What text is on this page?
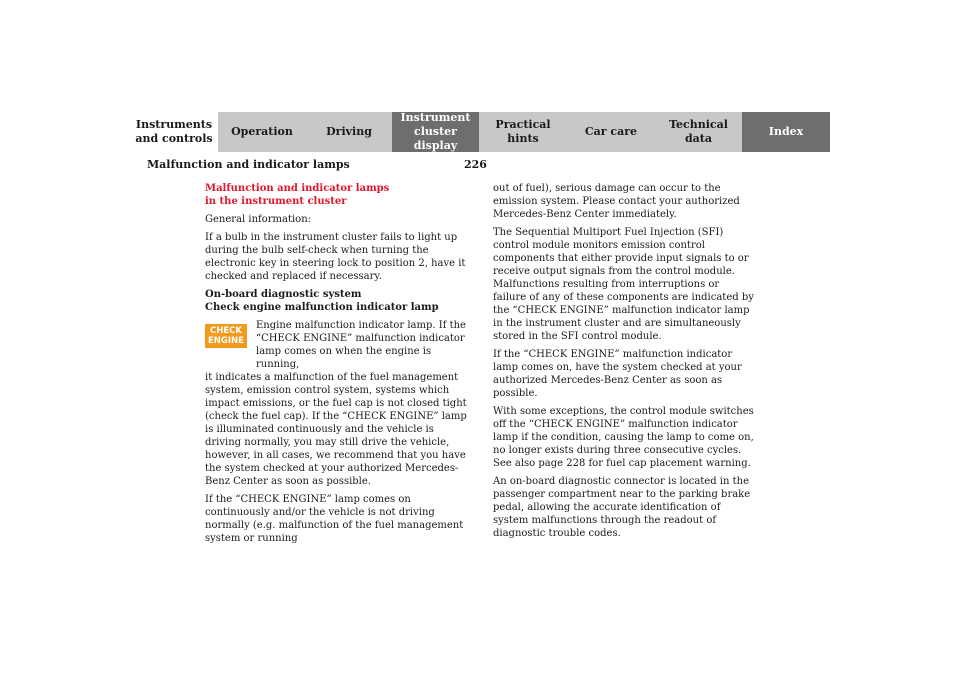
Instruments
and controls
Operation	Driving
Instrument
cluster display
Practical hints
Car care
Technical
data
Index
Malfunction and indicator lamps	226

Malfunction and indicator lamps
in the instrument cluster

General information:

If a bulb in the instrument cluster fails to light up during the bulb self-check when turning the electronic key in steering lock to position 2, have it checked and replaced if necessary.

On-board diagnostic system
Check engine malfunction indicator lamp

CHECK
ENGINE
Engine malfunction indicator lamp. If the “CHECK ENGINE” malfunction indicator lamp comes on when the engine is running,

it indicates a malfunction of the fuel management system, emission control system, systems which impact emissions, or the fuel cap is not closed tight (check the fuel cap). If the “CHECK ENGINE” lamp is illuminated continuously and the vehicle is driving normally, you may still drive the vehicle, however, in all cases, we recommend that you have the system checked at your authorized Mercedes-Benz Center as soon as possible.

If the “CHECK ENGINE” lamp comes on continuously and/or the vehicle is not driving normally (e.g. malfunction of the fuel management system or running

out of fuel), serious damage can occur to the emission system. Please contact your authorized Mercedes-Benz Center immediately.

The Sequential Multiport Fuel Injection (SFI) control module monitors emission control components that either provide input signals to or receive output signals from the control module. Malfunctions resulting from interruptions or failure of any of these components are indicated by the “CHECK ENGINE” malfunction indicator lamp in the instrument cluster and are simultaneously stored in the SFI control module.

If the “CHECK ENGINE” malfunction indicator lamp comes on, have the system checked at your authorized Mercedes-Benz Center as soon as possible.

With some exceptions, the control module switches off the “CHECK ENGINE” malfunction indicator lamp if the condition, causing the lamp to come on, no longer exists during three consecutive cycles. See also page 228 for fuel cap placement warning.

An on-board diagnostic connector is located in the passenger compartment near to the parking brake pedal, allowing the accurate identification of system malfunctions through the readout of diagnostic trouble codes.
